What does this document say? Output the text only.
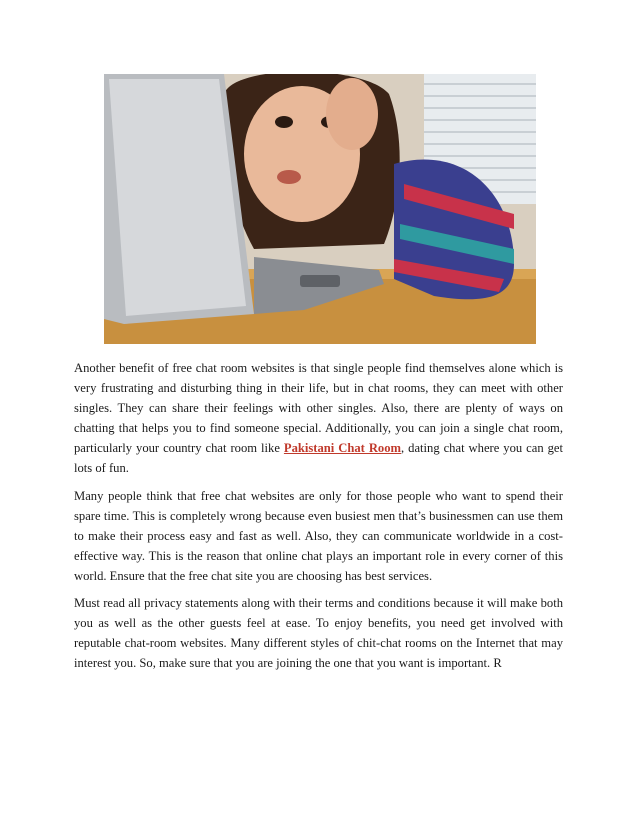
Another benefit of free chat room websites is that single people find themselves alone which is very frustrating and disturbing thing in their life, but in chat rooms, they can meet with other singles. They can share their feelings with other singles. Also, there are plenty of ways on chatting that helps you to find someone special. Additionally, you can join a single chat room, particularly your country chat room like Pakistani Chat Room, dating chat where you can get lots of fun.

Many people think that free chat websites are only for those people who want to spend their spare time. This is completely wrong because even busiest men that’s businessmen can use them to make their process easy and fast as well. Also, they can communicate worldwide in a cost-effective way. This is the reason that online chat plays an important role in every corner of this world. Ensure that the free chat site you are choosing has best services.

Must read all privacy statements along with their terms and conditions because it will make both you as well as the other guests feel at ease. To enjoy benefits, you need get involved with reputable chat-room websites. Many different styles of chit-chat rooms on the Internet that may interest you. So, make sure that you are joining the one that you want is important. R
